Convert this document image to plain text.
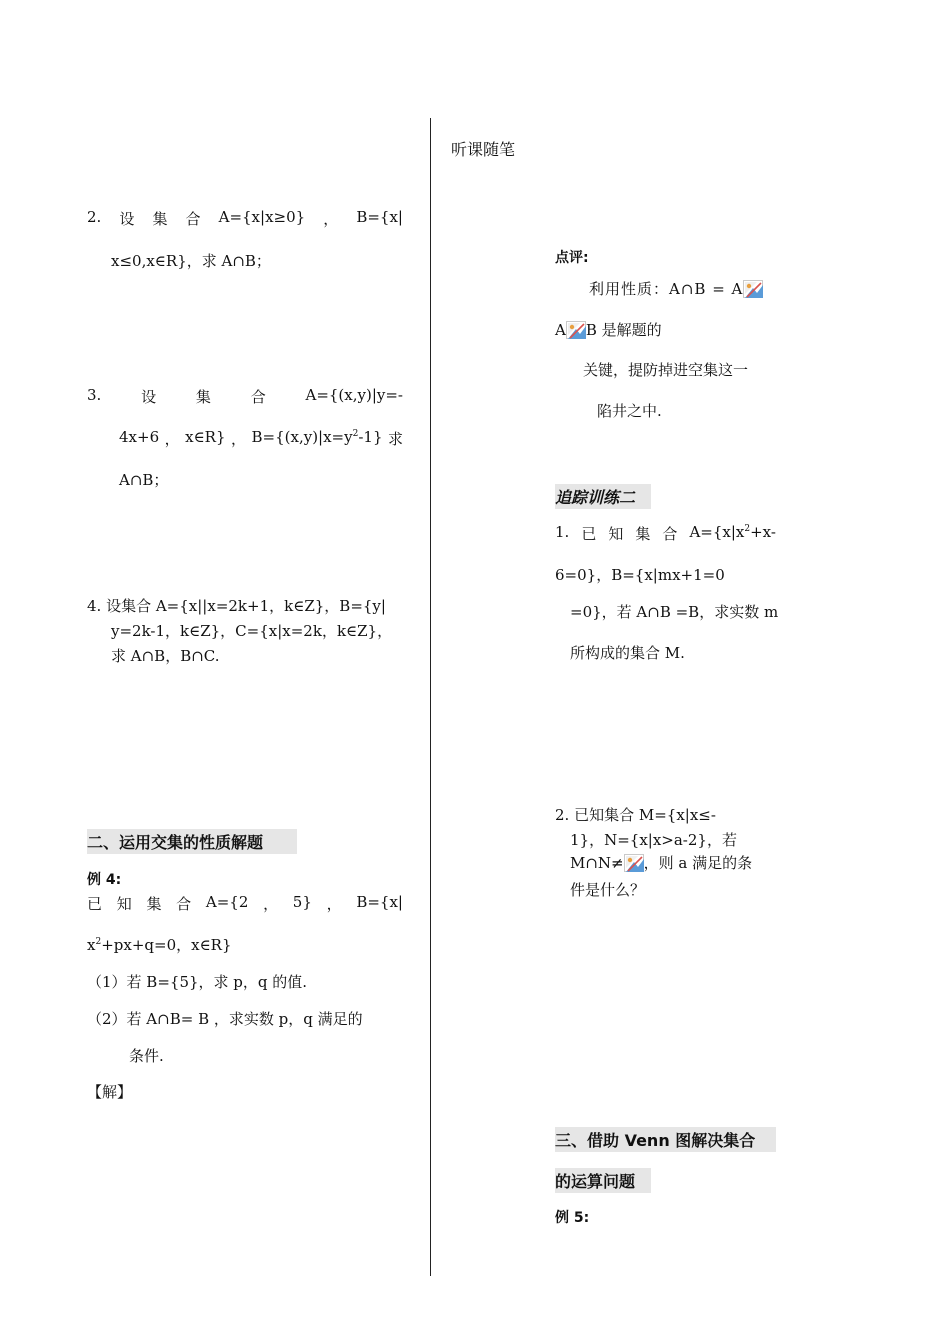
听课随笔
2. 设 集 合 A={x|x≥0} ， B={x|
x≤0,x∈R}，求 A∩B；
3.	设	集	合	A={(x,y)|y=-
4x+6 ， x∈R} ， $B=\{(x,y)|x=y^2-1\}$ 求
A∩B；
4. 设集合 A={x||x=2k+1，k∈Z}，B={y|
y=2k-1，k∈Z}，C={x|x=2k，k∈Z}，
求 A∩B，B∩C.
二、运用交集的性质解题
例 4:
已 知 集 合 A={2 ， 5} ， B={x|
$x^2+px+q=0$，x∈R}
（1）若 B={5}，求 p，q 的值.
（2）若 A∩B= B ，求实数 p，q 满足的
条件.
【解】
点评:
利用性质：A∩B = A
A B 是解题的
关键，提防掉进空集这一
陷井之中.
追踪训练二
1. 已 知 集 合 $A=\{x|x^2+x-$
6=0}，B={x|mx+1=0
=0}，若 A∩B =B，求实数 m
所构成的集合 M.
2. 已知集合 M={x|x≤-
1}，N={x|x>a-2}，若
M∩N≠ ，则 a 满足的条
件是什么？
三、借助 Venn 图解决集合
的运算问题
例 5:
